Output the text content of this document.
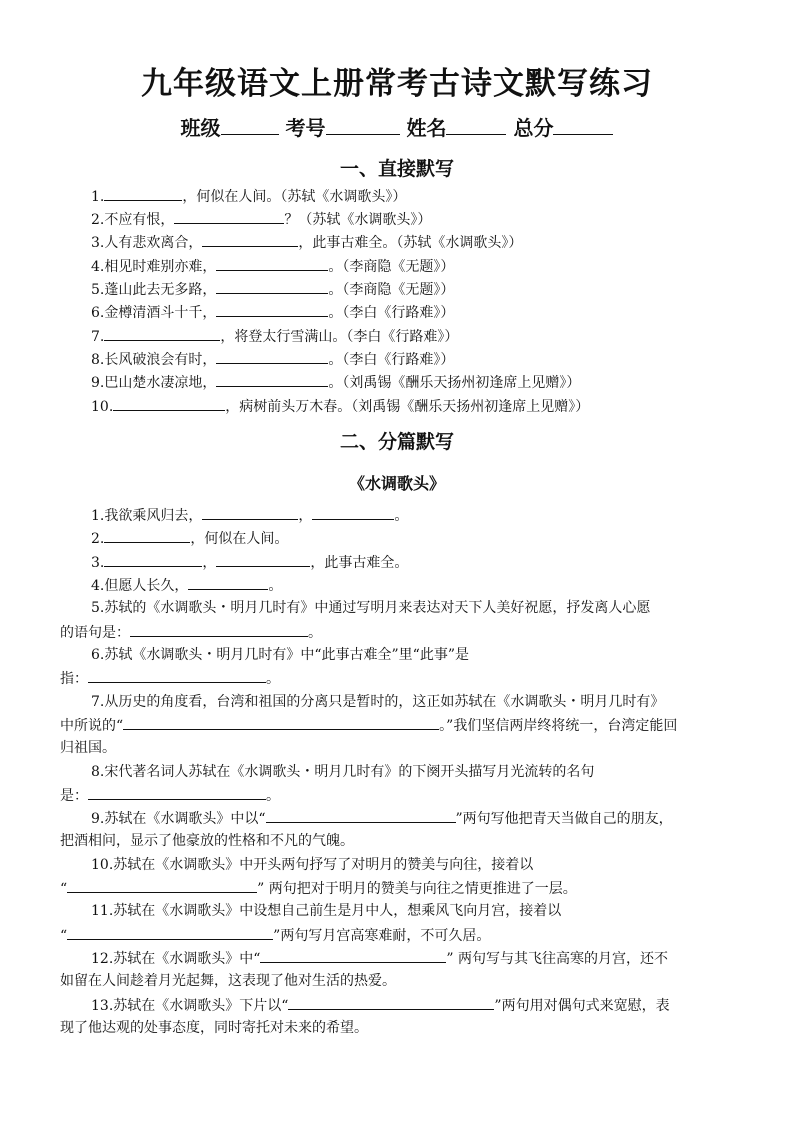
九年级语文上册常考古诗文默写练习
班级	考号	姓名	总分
一、直接默写
1.	，何似在人间。（苏轼《水调歌头》）
2.不应有恨，	？（苏轼《水调歌头》）
3.人有悲欢离合，	，此事古难全。（苏轼《水调歌头》）
4.相见时难别亦难，	。（李商隐《无题》）
5.蓬山此去无多路，	。（李商隐《无题》）
6.金樽清酒斗十千，	。（李白《行路难》）
7.	，将登太行雪满山。（李白《行路难》）
8.长风破浪会有时，	。（李白《行路难》）
9.巴山楚水凄凉地，	。（刘禹锡《酬乐天扬州初逢席上见赠》）
10.	，病树前头万木春。（刘禹锡《酬乐天扬州初逢席上见赠》）
二、分篇默写
《水调歌头》
1.我欲乘风归去，	，	。
2.	，何似在人间。
3.	，	，此事古难全。
4.但愿人长久，	。
5.苏轼的《水调歌头・明月几时有》中通过写明月来表达对天下人美好祝愿，抒发离人心愿
的语句是：	。
6.苏轼《水调歌头・明月几时有》中“此事古难全”里“此事”是
指：	。
7.从历史的角度看，台湾和祖国的分离只是暂时的，这正如苏轼在《水调歌头・明月几时有》
中所说的“	。”我们坚信两岸终将统一，台湾定能回
归祖国。
8.宋代著名词人苏轼在《水调歌头・明月几时有》的下阕开头描写月光流转的名句
是：	。
9.苏轼在《水调歌头》中以“	”两句写他把青天当做自己的朋友，
把酒相问，显示了他豪放的性格和不凡的气魄。
10.苏轼在《水调歌头》中开头两句抒写了对明月的赞美与向往，接着以
“	” 两句把对于明月的赞美与向往之情更推进了一层。
11.苏轼在《水调歌头》中设想自己前生是月中人，想乘风飞向月宫，接着以
“	”两句写月宫高寒难耐，不可久居。
12.苏轼在《水调歌头》中“	” 两句写与其飞往高寒的月宫，还不
如留在人间趁着月光起舞，这表现了他对生活的热爱。
13.苏轼在《水调歌头》下片以“	”两句用对偶句式来宽慰，表
现了他达观的处事态度，同时寄托对未来的希望。
